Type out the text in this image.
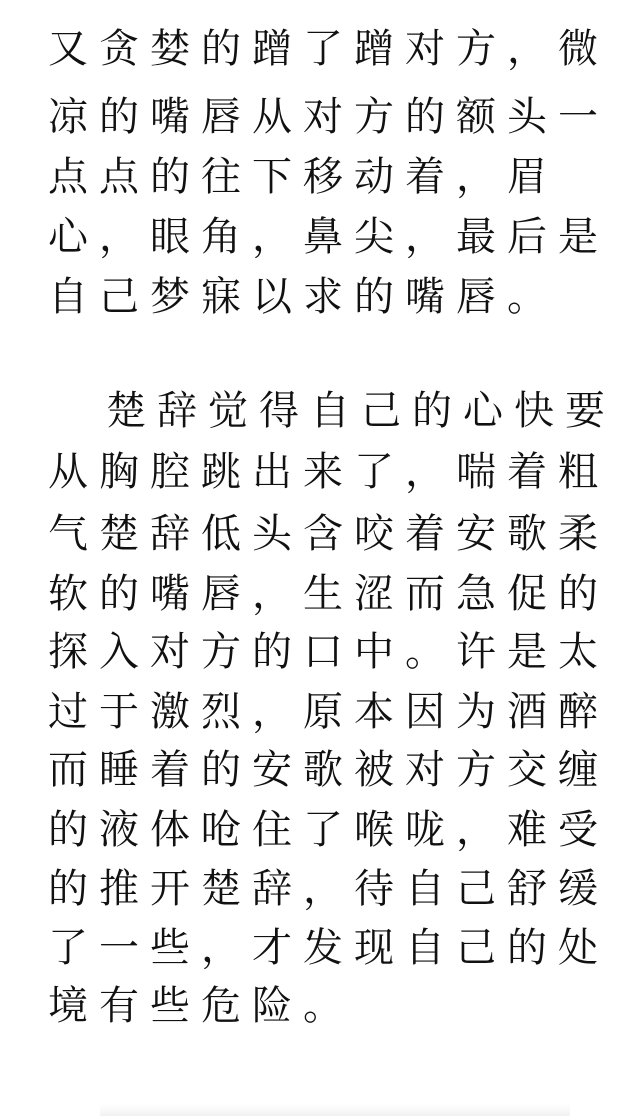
又贪婪的蹭了蹭对方，微
凉的嘴唇从对方的额头一
点点的往下移动着，眉
心，眼角，鼻尖，最后是
自己梦寐以求的嘴唇。
楚辞觉得自己的心快要
从胸腔跳出来了，喘着粗
气楚辞低头含咬着安歌柔
软的嘴唇，生涩而急促的
探入对方的口中。许是太
过于激烈，原本因为酒醉
而睡着的安歌被对方交缠
的液体呛住了喉咙，难受
的推开楚辞，待自己舒缓
了一些，才发现自己的处
境有些危险。
